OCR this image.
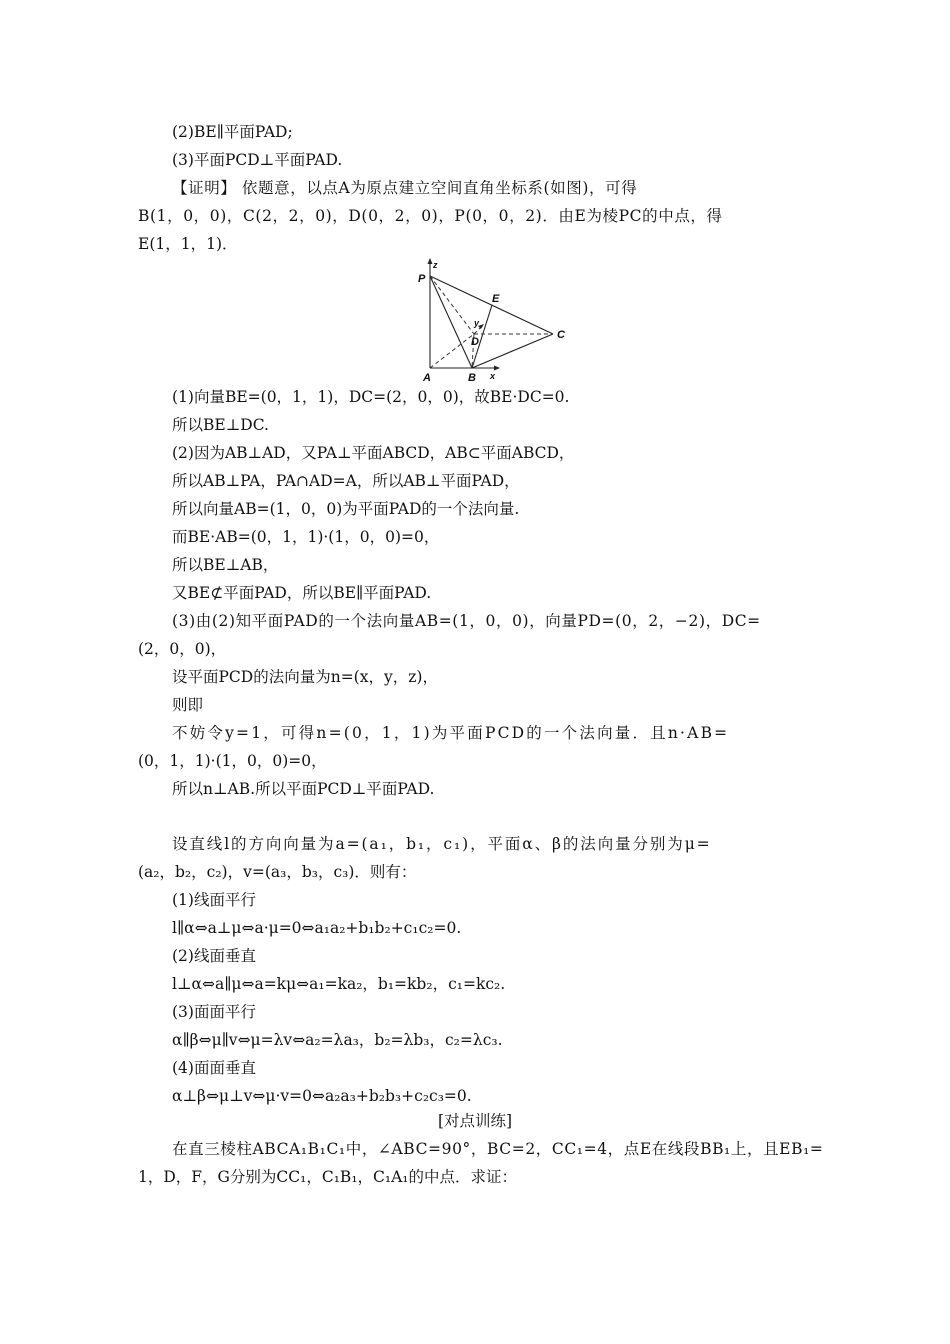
(2)BE∥平面PAD;
(3)平面PCD⊥平面PAD.
【证明】 依题意，以点A为原点建立空间直角坐标系(如图)，可得
B(1，0，0)，C(2，2，0)，D(0，2，0)，P(0，0，2)．由E为棱PC的中点，得
E(1，1，1)．
P
z
E
y
D
C
A	B x
(1)向量BE=(0，1，1)，DC=(2，0，0)，故BE·DC=0.
所以BE⊥DC.
(2)因为AB⊥AD，又PA⊥平面ABCD，AB⊂平面ABCD，
所以AB⊥PA，PA∩AD=A，所以AB⊥平面PAD，
所以向量AB=(1，0，0)为平面PAD的一个法向量.
而BE·AB=(0，1，1)·(1，0，0)=0，
所以BE⊥AB，
又BE⊄平面PAD，所以BE∥平面PAD.
(3)由(2)知平面PAD的一个法向量AB=(1，0，0)，向量PD=(0，2，−2)，DC=
(2，0，0)，
设平面PCD的法向量为n=(x，y，z)，
则即
不妨令y=1，可得n=(0，1，1)为平面PCD的一个法向量．且n·AB=
(0，1，1)·(1，0，0)=0，
所以n⊥AB.所以平面PCD⊥平面PAD.
设直线l的方向向量为a=(a₁，b₁，c₁)，平面α、β的法向量分别为μ=
(a₂，b₂，c₂)，v=(a₃，b₃，c₃)．则有：
(1)线面平行
l∥α⇔a⊥μ⇔a·μ=0⇔a₁a₂+b₁b₂+c₁c₂=0.
(2)线面垂直
l⊥α⇔a∥μ⇔a=kμ⇔a₁=ka₂，b₁=kb₂，c₁=kc₂.
(3)面面平行
α∥β⇔μ∥v⇔μ=λv⇔a₂=λa₃，b₂=λb₃，c₂=λc₃.
(4)面面垂直
α⊥β⇔μ⊥v⇔μ·v=0⇔a₂a₃+b₂b₃+c₂c₃=0.
[对点训练]
在直三棱柱ABCA₁B₁C₁中，∠ABC=90°，BC=2，CC₁=4，点E在线段BB₁上，且EB₁=
1，D，F，G分别为CC₁，C₁B₁，C₁A₁的中点．求证：
